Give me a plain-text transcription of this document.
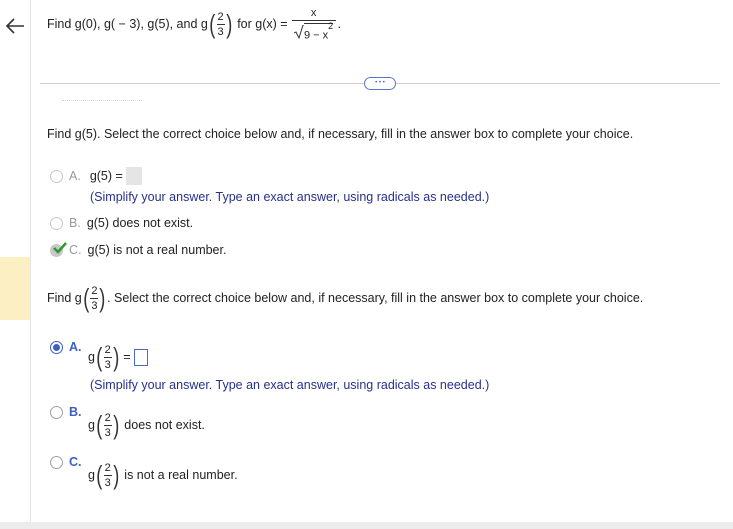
Find g(0), g( − 3), g(5), and g ( $\frac{2}{3}$ ) for $g(x) = \frac{x}{9 - x^2}$ .
• • •
Find g(5). Select the correct choice below and, if necessary, fill in the answer box to complete your choice.
A. g(5) =
(Simplify your answer. Type an exact answer, using radicals as needed.)
B. g(5) does not exist.
C. g(5) is not a real number.
Find g ( $\frac{2}{3}$ ) . Select the correct choice below and, if necessary, fill in the answer box to complete your choice.
A.
g ( $\frac{2}{3}$ ) =
(Simplify your answer. Type an exact answer, using radicals as needed.)
B.
g ( $\frac{2}{3}$ ) does not exist.
C.
g ( $\frac{2}{3}$ ) is not a real number.
